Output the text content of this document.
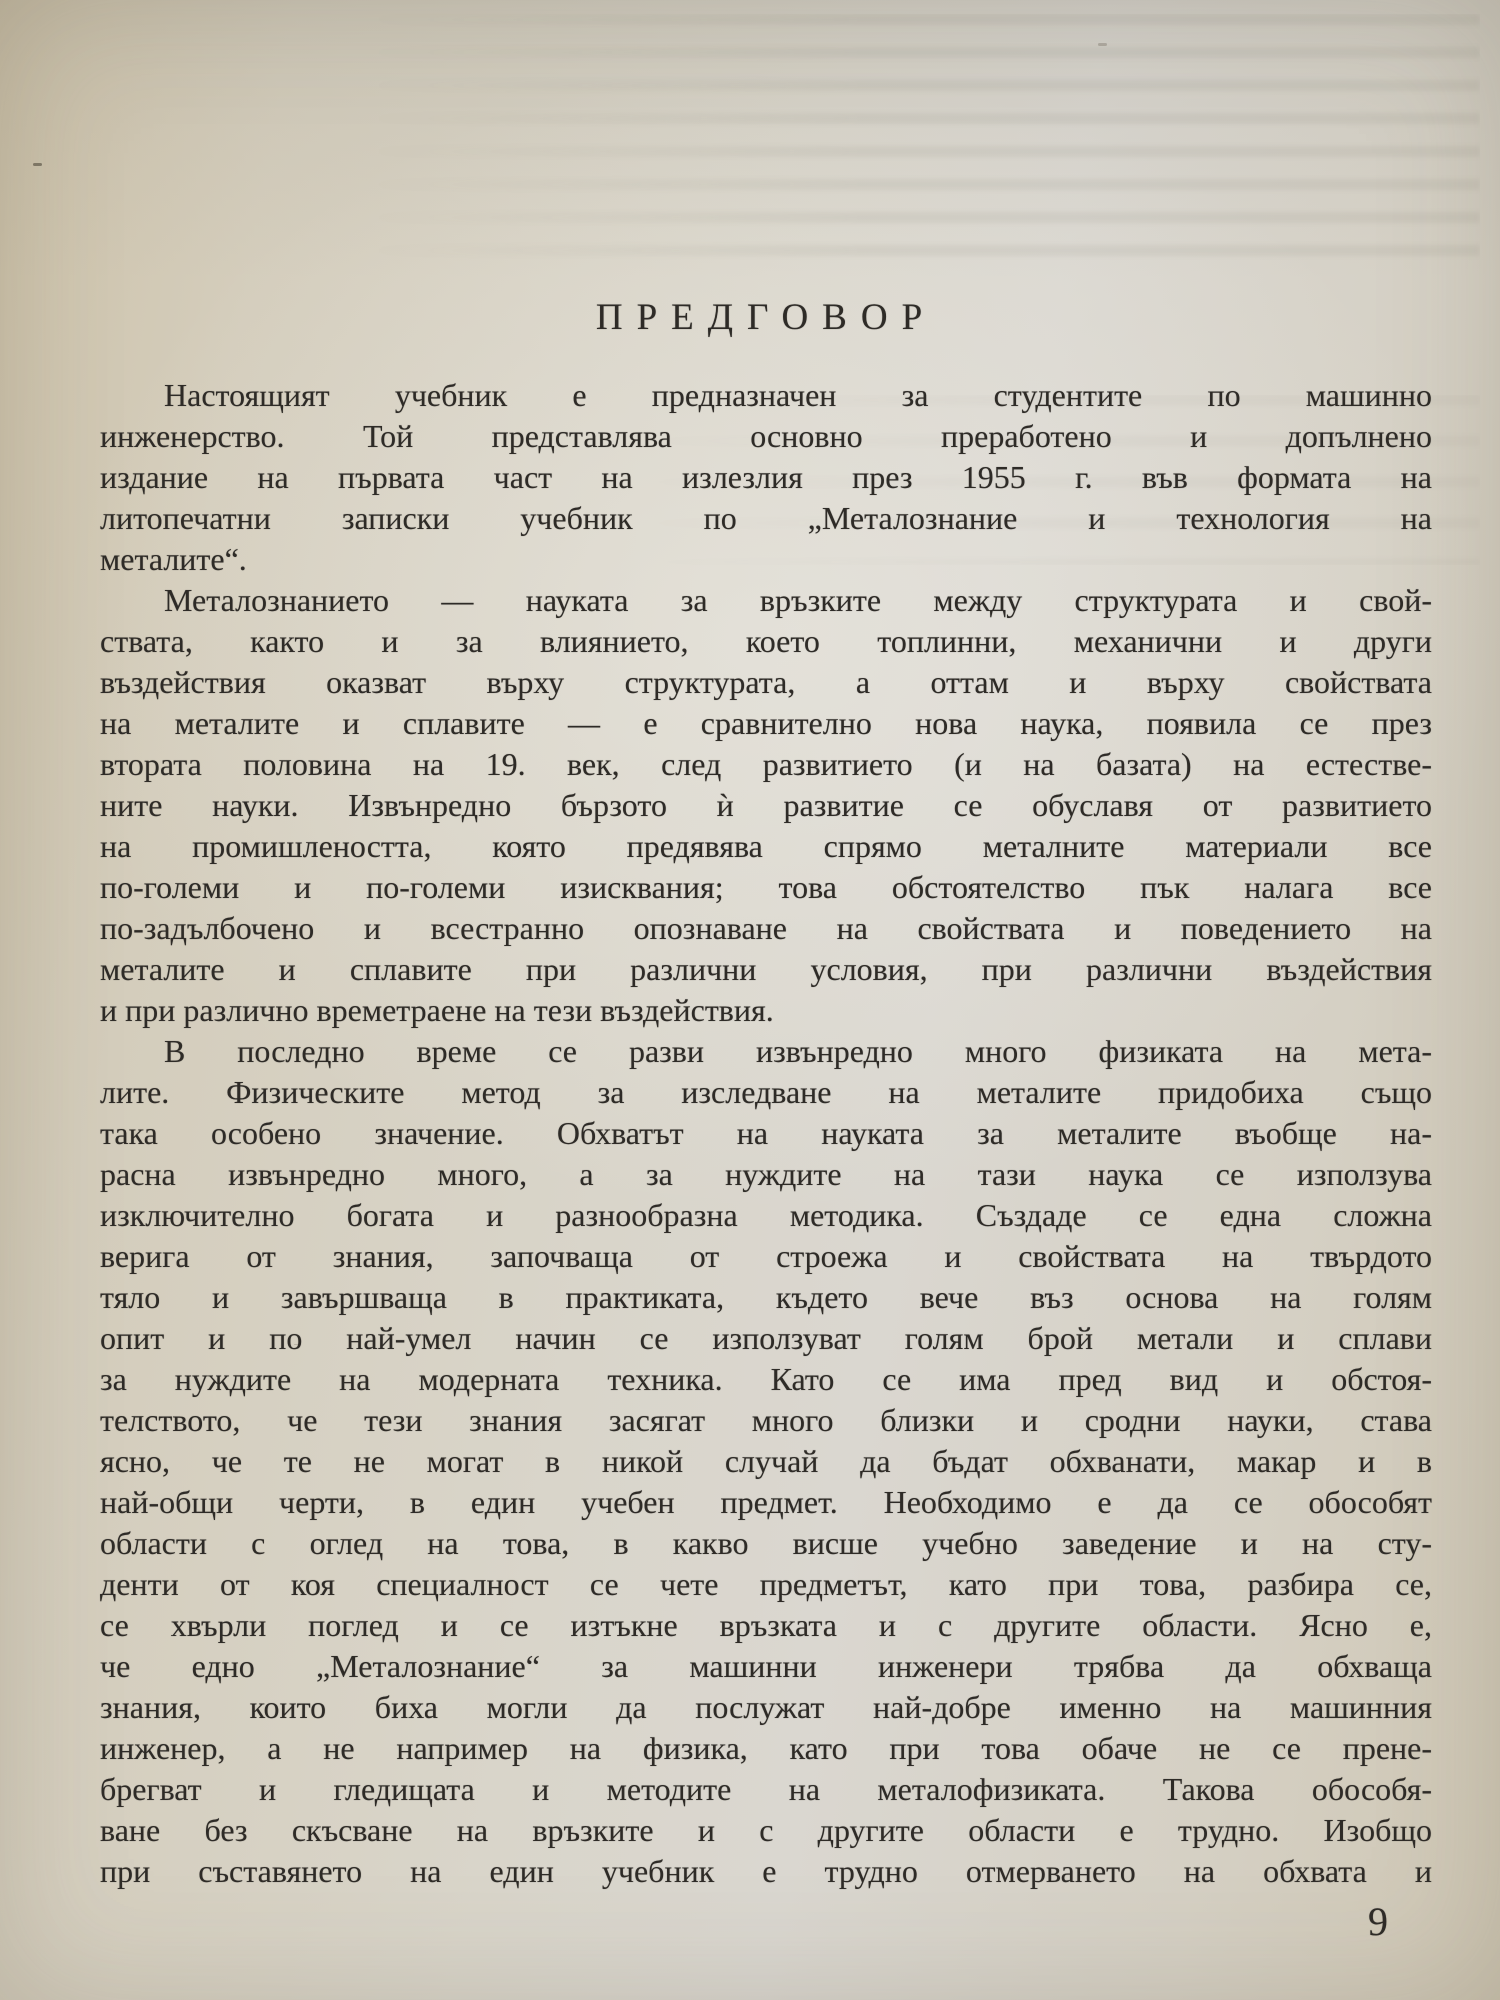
ПРЕДГОВОР
Настоящият учебник е предназначен за студентите по машинно
инженерство. Той представлява основно преработено и допълнено
издание на първата част на излезлия през 1955 г. във формата на
литопечатни записки учебник по „Металознание и технология на
металите“.
Металознанието — науката за връзките между структурата и свой-
ствата, както и за влиянието, което топлинни, механични и други
въздействия оказват върху структурата, а оттам и върху свойствата
на металите и сплавите — е сравнително нова наука, появила се през
втората половина на 19. век, след развитието (и на базата) на естестве-
ните науки. Извънредно бързото ѝ развитие се обуславя от развитието
на промишлеността, която предявява спрямо металните материали все
по-големи и по-големи изисквания; това обстоятелство пък налага все
по-задълбочено и всестранно опознаване на свойствата и поведението на
металите и сплавите при различни условия, при различни въздействия
и при различно времетраене на тези въздействия.
В последно време се разви извънредно много физиката на мета-
лите. Физическите метод за изследване на металите придобиха също
така особено значение. Обхватът на науката за металите въобще на-
расна извънредно много, а за нуждите на тази наука се използува
изключително богата и разнообразна методика. Създаде се една сложна
верига от знания, започваща от строежа и свойствата на твърдото
тяло и завършваща в практиката, където вече въз основа на голям
опит и по най-умел начин се използуват голям брой метали и сплави
за нуждите на модерната техника. Като се има пред вид и обстоя-
телството, че тези знания засягат много близки и сродни науки, става
ясно, че те не могат в никой случай да бъдат обхванати, макар и в
най-общи черти, в един учебен предмет. Необходимо е да се обособят
области с оглед на това, в какво висше учебно заведение и на сту-
денти от коя специалност се чете предметът, като при това, разбира се,
се хвърли поглед и се изтъкне връзката и с другите области. Ясно е,
че едно „Металознание“ за машинни инженери трябва да обхваща
знания, които биха могли да послужат най-добре именно на машинния
инженер, а не например на физика, като при това обаче не се прене-
брегват и гледищата и методите на металофизиката. Такова обособя-
ване без скъсване на връзките и с другите области е трудно. Изобщо
при съставянето на един учебник е трудно отмерването на обхвата и
9
